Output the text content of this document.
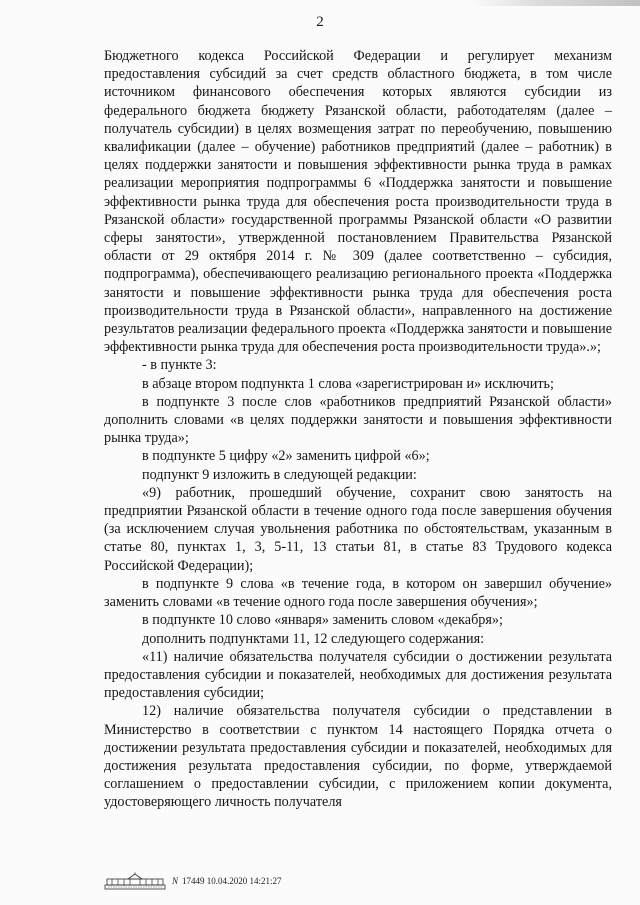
2

Бюджетного кодекса Российской Федерации и регулирует механизм предоставления субсидий за счет средств областного бюджета, в том числе источником финансового обеспечения которых являются субсидии из федерального бюджета бюджету Рязанской области, работодателям (далее – получатель субсидии) в целях возмещения затрат по переобучению, повышению квалификации (далее – обучение) работников предприятий (далее – работник) в целях поддержки занятости и повышения эффективности рынка труда в рамках реализации мероприятия подпрограммы 6 «Поддержка занятости и повышение эффективности рынка труда для обеспечения роста производительности труда в Рязанской области» государственной программы Рязанской области «О развитии сферы занятости», утвержденной постановлением Правительства Рязанской области от 29 октября 2014 г. № 309 (далее соответственно – субсидия, подпрограмма), обеспечивающего реализацию регионального проекта «Поддержка занятости и повышение эффективности рынка труда для обеспечения роста производительности труда в Рязанской области», направленного на достижение результатов реализации федерального проекта «Поддержка занятости и повышение эффективности рынка труда для обеспечения роста производительности труда».»;

- в пункте 3:

в абзаце втором подпункта 1 слова «зарегистрирован и» исключить;

в подпункте 3 после слов «работников предприятий Рязанской области» дополнить словами «в целях поддержки занятости и повышения эффективности рынка труда»;

в подпункте 5 цифру «2» заменить цифрой «6»;

подпункт 9 изложить в следующей редакции:

«9) работник, прошедший обучение, сохранит свою занятость на предприятии Рязанской области в течение одного года после завершения обучения (за исключением случая увольнения работника по обстоятельствам, указанным в статье 80, пунктах 1, 3, 5-11, 13 статьи 81, в статье 83 Трудового кодекса Российской Федерации);

в подпункте 9 слова «в течение года, в котором он завершил обучение» заменить словами «в течение одного года после завершения обучения»;

в подпункте 10 слово «января» заменить словом «декабря»;

дополнить подпунктами 11, 12 следующего содержания:

«11) наличие обязательства получателя субсидии о достижении результата предоставления субсидии и показателей, необходимых для достижения результата предоставления субсидии;

12) наличие обязательства получателя субсидии о представлении в Министерство в соответствии с пунктом 14 настоящего Порядка отчета о достижении результата предоставления субсидии и показателей, необходимых для достижения результата предоставления субсидии, по форме, утверждаемой соглашением о предоставлении субсидии, с приложением копии документа, удостоверяющего личность получателя

N 17449 10.04.2020 14:21:27
